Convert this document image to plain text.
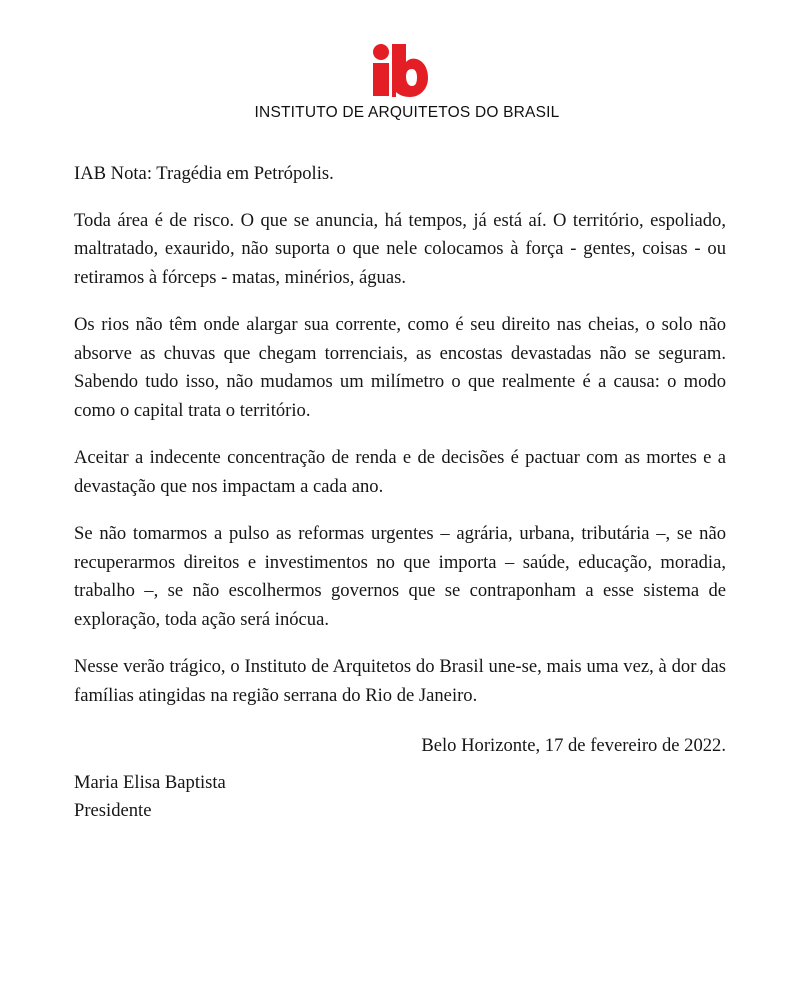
INSTITUTO DE ARQUITETOS DO BRASIL

IAB Nota: Tragédia em Petrópolis.

Toda área é de risco. O que se anuncia, há tempos, já está aí. O território, espoliado, maltratado, exaurido, não suporta o que nele colocamos à força - gentes, coisas - ou retiramos à fórceps - matas, minérios, águas.

Os rios não têm onde alargar sua corrente, como é seu direito nas cheias, o solo não absorve as chuvas que chegam torrenciais, as encostas devastadas não se seguram. Sabendo tudo isso, não mudamos um milímetro o que realmente é a causa: o modo como o capital trata o território.

Aceitar a indecente concentração de renda e de decisões é pactuar com as mortes e a devastação que nos impactam a cada ano.

Se não tomarmos a pulso as reformas urgentes – agrária, urbana, tributária –, se não recuperarmos direitos e investimentos no que importa – saúde, educação, moradia, trabalho –, se não escolhermos governos que se contraponham a esse sistema de exploração, toda ação será inócua.

Nesse verão trágico, o Instituto de Arquitetos do Brasil une-se, mais uma vez, à dor das famílias atingidas na região serrana do Rio de Janeiro.

Belo Horizonte, 17 de fevereiro de 2022.

Maria Elisa Baptista

Presidente
